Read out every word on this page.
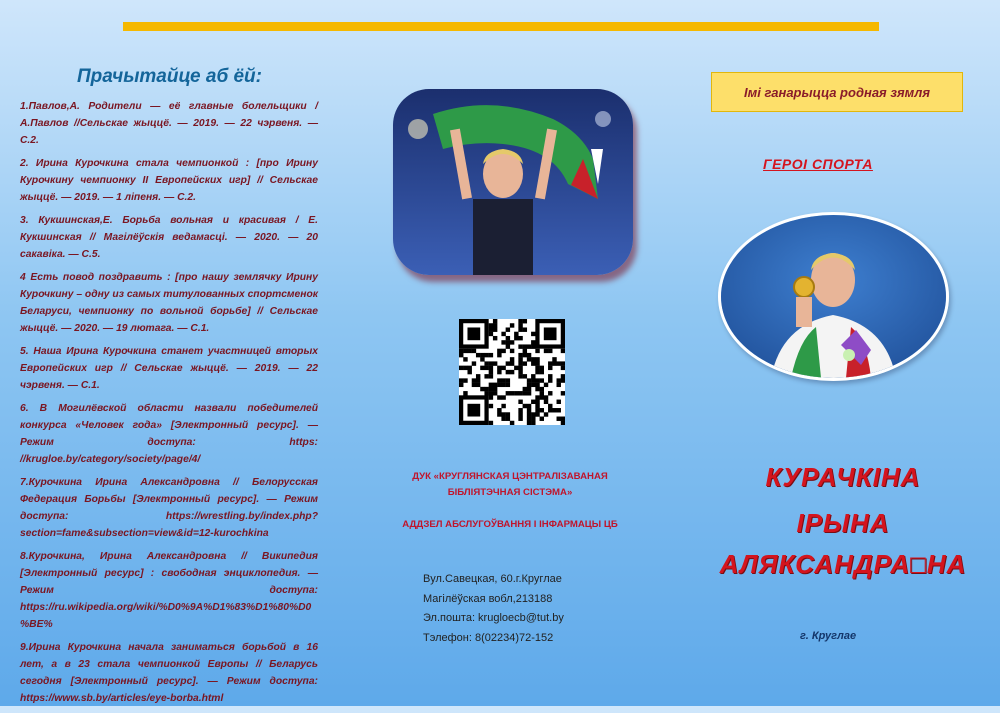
Прачытайце аб ёй:

1.Павлов,А. Родители — её главные болельщики / А.Павлов //Сельскае жыццё. — 2019. — 22 чэрвеня. — С.2.

2. Ирина Курочкина стала чемпионкой : [про Ирину Курочкину чемпионку II Европейских игр] // Сельскае жыццё. — 2019. — 1 ліпеня. — С.2.

3. Кукшинская,Е. Борьба вольная и красивая / Е. Кукшинская // Магілёўскія ведамасці. — 2020. — 20 сакавіка. — С.5.

4 Есть повод поздравить : [про нашу землячку Ирину Курочкину – одну из самых титулованных спортсменок Беларуси, чемпионку по вольной борьбе] // Сельскае жыццё. — 2020. — 19 лютага. — С.1.

5. Наша Ирина Курочкина станет участницей вторых Европейских игр // Сельскае жыццё. — 2019. — 22 чэрвеня. — С.1.

6. В Могилёвской области назвали победителей конкурса «Человек года» [Электронный ресурс]. — Режим доступа: https: //krugloe.by/category/society/page/4/

7.Курочкина Ирина Александровна // Белорусская Федерация Борьбы [Электронный ресурс]. — Режим доступа: https://wrestling.by/index.php?section=fame&subsection=view&id=12-kurochkina

8.Курочкина, Ирина Александровна // Википедия [Электронный ресурс] : свободная энциклопедия. — Режим доступа: https://ru.wikipedia.org/wiki/%D0%9A%D1%83%D1%80%D0%BE%

9.Ирина Курочкина начала заниматься борьбой в 16 лет, а в 23 стала чемпионкой Европы // Беларусь сегодня [Электронный ресурс]. — Режим доступа: https://www.sb.by/articles/eye-borba.html

ДУК «КРУГЛЯНСКАЯ ЦЭНТРАЛІЗАВАНАЯ БІБЛІЯТЭЧНАЯ СІСТЭМА»
АДДЗЕЛ АБСЛУГОЎВАННЯ І ІНФАРМАЦЫ ЦБ
Вул.Савецкая, 60.г.Круглае
Магілёўская вобл,213188
Эл.пошта: krugloecb@tut.by
Тэлефон: 8(02234)72-152
Імі ганарыцца родная зямля
ГЕРОІ СПОРТА
КУРАЧКІНА
ІРЫНА
АЛЯКСАНДРА□НА
г. Круглае
